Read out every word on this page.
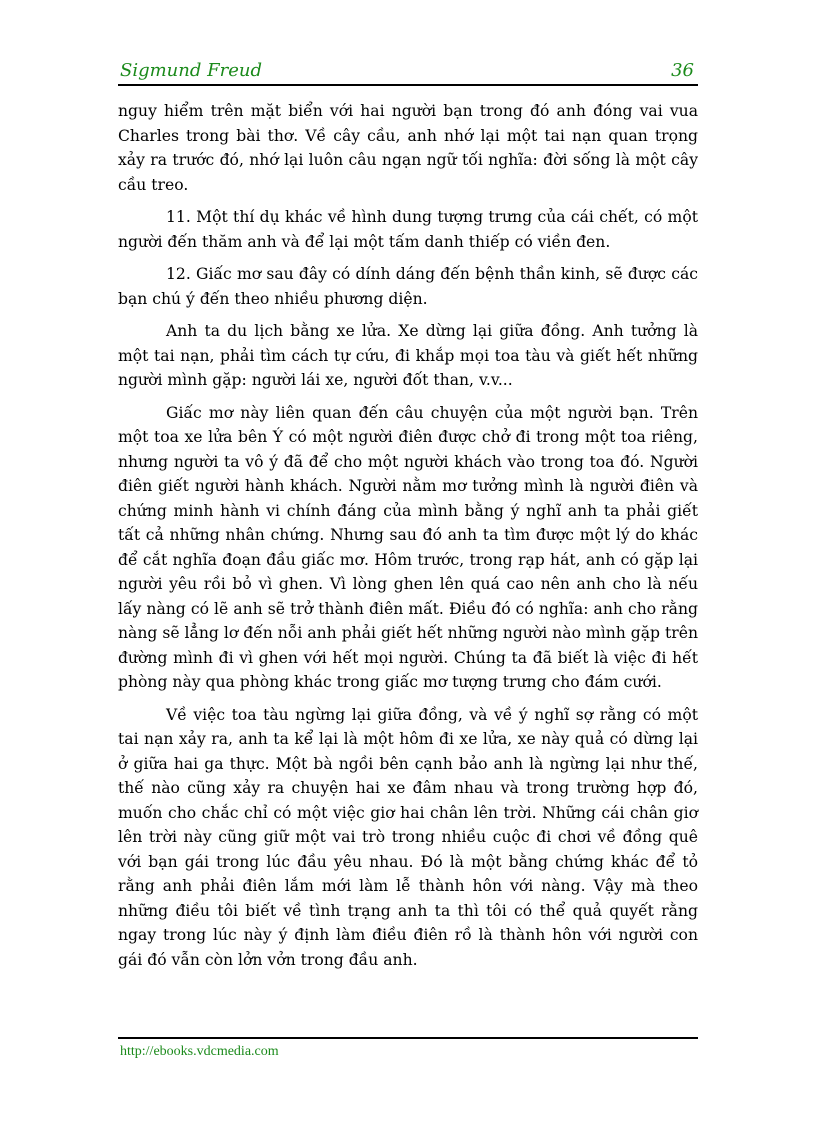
Sigmund Freud	36

nguy hiểm trên mặt biển với hai người bạn trong đó anh đóng vai vua Charles trong bài thơ. Về cây cầu, anh nhớ lại một tai nạn quan trọng xảy ra trước đó, nhớ lại luôn câu ngạn ngữ tối nghĩa: đời sống là một cây cầu treo.

11. Một thí dụ khác về hình dung tượng trưng của cái chết, có một người đến thăm anh và để lại một tấm danh thiếp có viền đen.

12. Giấc mơ sau đây có dính dáng đến bệnh thần kinh, sẽ được các bạn chú ý đến theo nhiều phương diện.

Anh ta du lịch bằng xe lửa. Xe dừng lại giữa đồng. Anh tưởng là một tai nạn, phải tìm cách tự cứu, đi khắp mọi toa tàu và giết hết những người mình gặp: người lái xe, người đốt than, v.v...

Giấc mơ này liên quan đến câu chuyện của một người bạn. Trên một toa xe lửa bên Ý có một người điên được chở đi trong một toa riêng, nhưng người ta vô ý đã để cho một người khách vào trong toa đó. Người điên giết người hành khách. Người nằm mơ tưởng mình là người điên và chứng minh hành vi chính đáng của mình bằng ý nghĩ anh ta phải giết tất cả những nhân chứng. Nhưng sau đó anh ta tìm được một lý do khác để cắt nghĩa đoạn đầu giấc mơ. Hôm trước, trong rạp hát, anh có gặp lại người yêu rồi bỏ vì ghen. Vì lòng ghen lên quá cao nên anh cho là nếu lấy nàng có lẽ anh sẽ trở thành điên mất. Điều đó có nghĩa: anh cho rằng nàng sẽ lẳng lơ đến nỗi anh phải giết hết những người nào mình gặp trên đường mình đi vì ghen với hết mọi người. Chúng ta đã biết là việc đi hết phòng này qua phòng khác trong giấc mơ tượng trưng cho đám cưới.

Về việc toa tàu ngừng lại giữa đồng, và về ý nghĩ sợ rằng có một tai nạn xảy ra, anh ta kể lại là một hôm đi xe lửa, xe này quả có dừng lại ở giữa hai ga thực. Một bà ngồi bên cạnh bảo anh là ngừng lại như thế, thế nào cũng xảy ra chuyện hai xe đâm nhau và trong trường hợp đó, muốn cho chắc chỉ có một việc giơ hai chân lên trời. Những cái chân giơ lên trời này cũng giữ một vai trò trong nhiều cuộc đi chơi về đồng quê với bạn gái trong lúc đầu yêu nhau. Đó là một bằng chứng khác để tỏ rằng anh phải điên lắm mới làm lễ thành hôn với nàng. Vậy mà theo những điều tôi biết về tình trạng anh ta thì tôi có thể quả quyết rằng ngay trong lúc này ý định làm điều điên rồ là thành hôn với người con gái đó vẫn còn lởn vởn trong đầu anh.

http://ebooks.vdcmedia.com
